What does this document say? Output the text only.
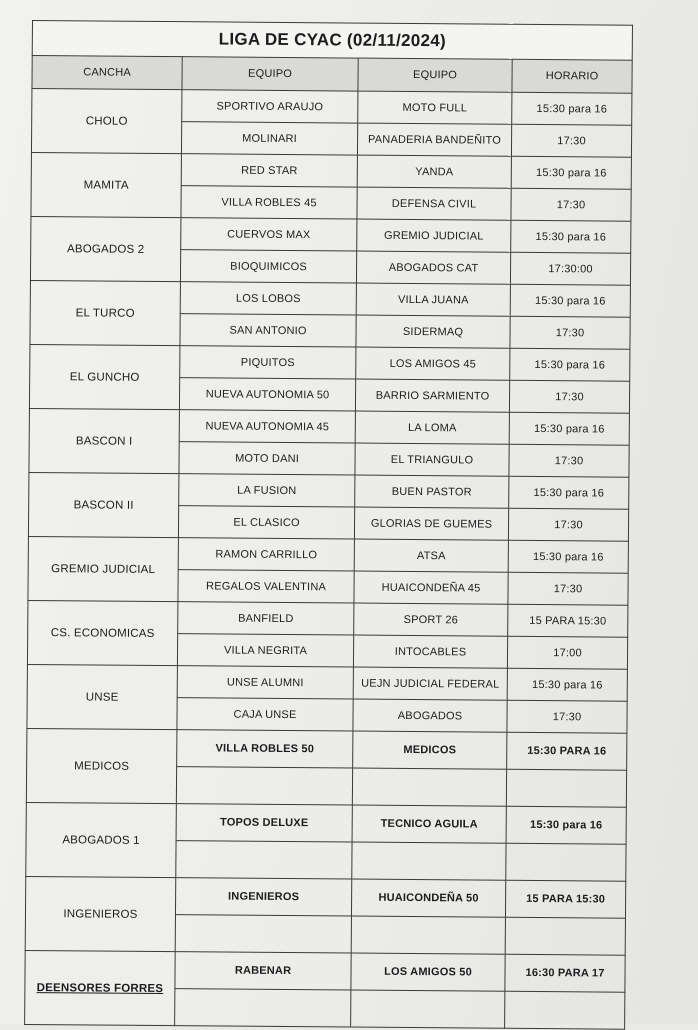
LIGA DE CYAC (02/11/2024)			
CANCHA	EQUIPO	EQUIPO	HORARIO
CHOLO	SPORTIVO ARAUJO	MOTO FULL	15:30 para 16
	MOLINARI	PANADERIA BANDEÑITO	17:30
MAMITA	RED STAR	YANDA	15:30 para 16
	VILLA ROBLES 45	DEFENSA CIVIL	17:30
ABOGADOS 2	CUERVOS MAX	GREMIO JUDICIAL	15:30 para 16
	BIOQUIMICOS	ABOGADOS CAT	17:30:00
EL TURCO	LOS LOBOS	VILLA JUANA	15:30 para 16
	SAN ANTONIO	SIDERMAQ	17:30
EL GUNCHO	PIQUITOS	LOS AMIGOS 45	15:30 para 16
	NUEVA AUTONOMIA 50	BARRIO SARMIENTO	17:30
BASCON I	NUEVA AUTONOMIA 45	LA LOMA	15:30 para 16
	MOTO DANI	EL TRIANGULO	17:30
BASCON II	LA FUSION	BUEN PASTOR	15:30 para 16
	EL CLASICO	GLORIAS DE GUEMES	17:30
GREMIO JUDICIAL	RAMON CARRILLO	ATSA	15:30 para 16
	REGALOS VALENTINA	HUAICONDEÑA 45	17:30
CS. ECONOMICAS	BANFIELD	SPORT 26	15 PARA 15:30
	VILLA NEGRITA	INTOCABLES	17:00
UNSE	UNSE ALUMNI	UEJN JUDICIAL FEDERAL	15:30 para 16
	CAJA UNSE	ABOGADOS	17:30
MEDICOS	VILLA ROBLES 50	MEDICOS	15:30 PARA 16

ABOGADOS 1	TOPOS DELUXE	TECNICO AGUILA	15:30 para 16

INGENIEROS	INGENIEROS	HUAICONDEÑA 50	15 PARA 15:30

DEENSORES FORRES	RABENAR	LOS AMIGOS 50	16:30 PARA 17
